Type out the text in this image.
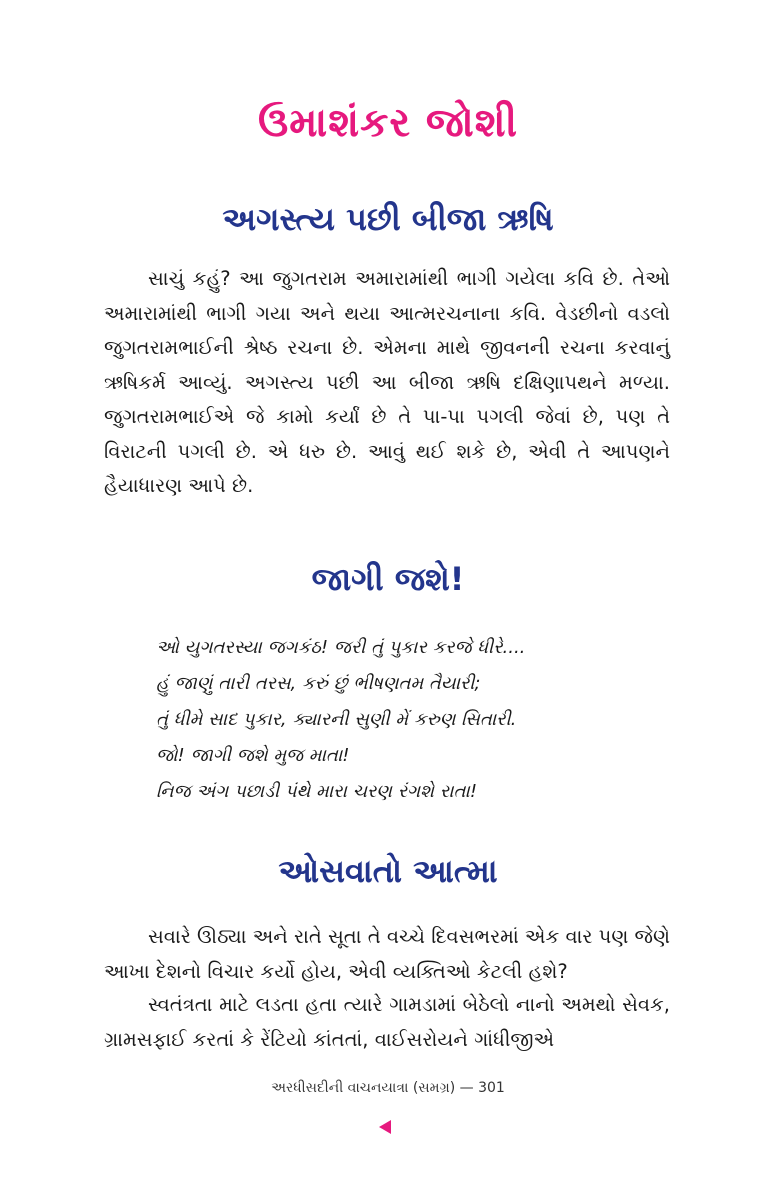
ઉમાશંકર જોશી
અગસ્ત્ય પછી બીજા ઋષિ
સાચું કહું? આ જુગતરામ અમારામાંથી ભાગી ગયેલા કવિ છે. તેઓ અમારામાંથી ભાગી ગયા અને થયા આત્મરચનાના કવિ. વેડછીનો વડલો જુગતરામભાઈની શ્રેષ્ઠ રચના છે. એમના માથે જીવનની રચના કરવાનું ઋષિકર્મ આવ્યું. અગસ્ત્ય પછી આ બીજા ઋષિ દક્ષિણાપથને મળ્યા. જુગતરામભાઈએ જે કામો કર્યાં છે તે પા-પા પગલી જેવાં છે, પણ તે વિરાટની પગલી છે. એ ધરુ છે. આવું થઈ શકે છે, એવી તે આપણને હૈયાધારણ આપે છે.
જાગી જશે!
ઓ યુગતરસ્યા જગકંઠ! જરી તું પુકાર કરજે ધીરે....
હું જાણું તારી તરસ, કરું છું ભીષણતમ તૈયારી;
તું ધીમે સાદ પુકાર, ક્યારની સુણી મેં કરુણ સિતારી.
જો! જાગી જશે મુજ માતા!
નિજ અંગ પછાડી પંથે મારા ચરણ રંગશે રાતા!
ઓસવાતો આત્મા
સવારે ઊઠ્યા અને રાતે સૂતા તે વચ્ચે દિવસભરમાં એક વાર પણ જેણે આખા દેશનો વિચાર કર્યો હોય, એવી વ્યક્તિઓ કેટલી હશે?
સ્વતંત્રતા માટે લડતા હતા ત્યારે ગામડામાં બેઠેલો નાનો અમથો સેવક, ગ્રામસફાઈ કરતાં કે રેંટિયો કાંતતાં, વાઈસરોયને ગાંધીજીએ
અરધીસદીની વાચનયાત્રા (સમગ્ર) — 301
